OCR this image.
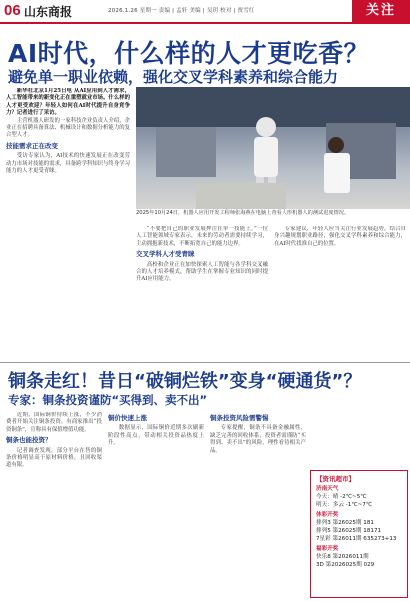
06 山东商报	2026.1.26 星期一 责编 | 孟轩 美编 | 吴玥 校对 | 贾雪红	关注
AI时代，什么样的人才更吃香？
避免单一职业依赖，强化交叉学科素养和综合能力

新华社北京1月25日电 从AI应用到人才需求，人工智能带来的新变化正在重塑就业市场。什么样的人才更受欢迎？年轻人如何在AI时代提升自身竞争力？记者进行了采访。

主营机器人研发的一家科技企业负责人介绍，企业正在招聘具备算法、机械设计和数据分析能力的复合型人才。

技能需求正在改变

受访专家认为，AI技术的快速发展正在改变劳动力市场对技能的需求，具备跨学科知识与终身学习能力的人才更受青睐。

2025年10月24日，机器人应用开发工程师张海燕在电脑上查看人形机器人的测试进度情况。

“不要把自己的职业发展押注在单一技能上。”一位人工智能领域专家表示，未来的劳动者需要持续学习，主动拥抱新技术，不断拓宽自己的能力边界。

交叉学科人才受青睐

高校和企业正在加快探索人工智能与各学科交叉融合的人才培养模式，帮助学生在掌握专业知识的同时提升AI应用能力。

专家建议，年轻人应当关注行业发展趋势，结合自身兴趣规划职业路径，强化交叉学科素养和综合能力，在AI时代找准自己的位置。

铜条走红！昔日“破铜烂铁”变身“硬通货”？
专家：铜条投资谨防“买得到、卖不出”

近期，国际铜价持续上涨，不少消费者开始关注铜条投资。有商家推出“投资铜条”，宣称具有保值增值功能。

铜条也能投资？

记者调查发现，部分平台在售的铜条价格明显高于原材料价格，且回收渠道有限。

铜价快速上涨

数据显示，国际铜价近期多次刷新阶段性高点，带动相关投资品热度上升。

铜条投资风险需警惕

专家提醒，铜条不具备金融属性，缺乏完善的回收体系，投资者需谨防“买得到、卖不出”的风险，理性看待相关产品。

【资讯超市】
济南天气
今天：晴 -2℃~5℃
明天：多云 -1℃~7℃
体彩开奖
排列3 第26025期 181
排列5 第26025期 18171
7星彩 第26011期 635273+13
福彩开奖
快乐8 第2026011期
3D 第2026025期 029
